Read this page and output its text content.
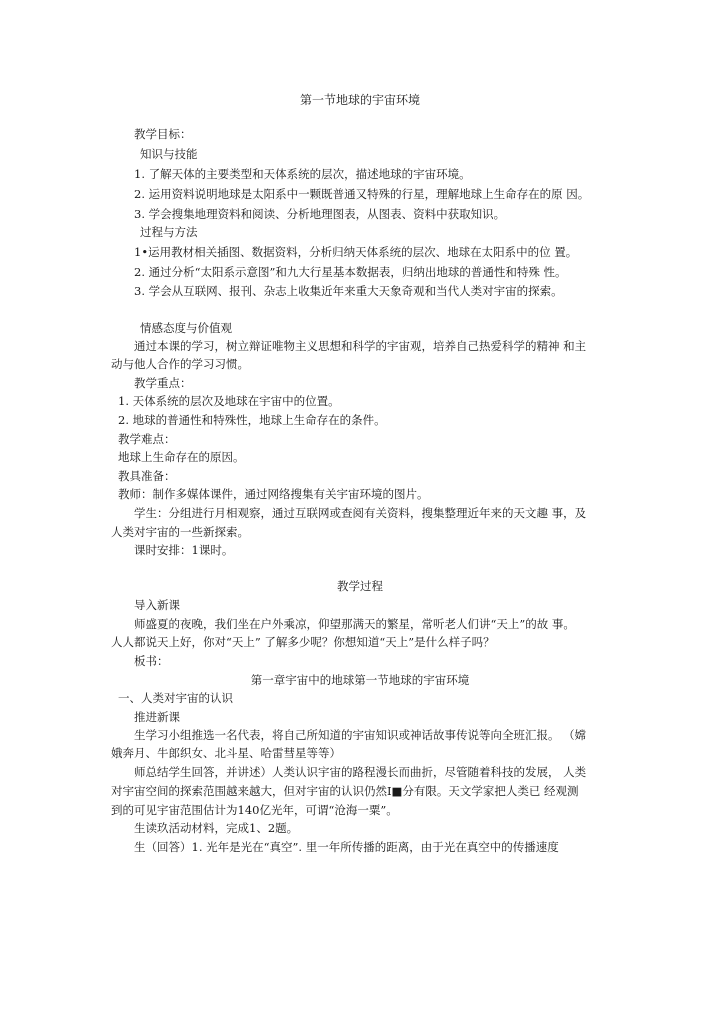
第一节地球的宇宙环境
教学目标：
知识与技能
1. 了解天体的主要类型和天体系统的层次，描述地球的宇宙环境。
2. 运用资料说明地球是太阳系中一颗既普通又特殊的行星，理解地球上生命存在的原 因。
3. 学会搜集地理资料和阅读、分析地理图表，从图表、资料中获取知识。
过程与方法
1•运用教材相关插图、数据资料，分析归纳天体系统的层次、地球在太阳系中的位 置。
2. 通过分析“太阳系示意图”和九大行星基本数据表，归纳出地球的普通性和特殊 性。
3. 学会从互联网、报刊、杂志上收集近年来重大天象奇观和当代人类对宇宙的探索。
情感态度与价值观
通过本课的学习，树立辩证唯物主义思想和科学的宇宙观，培养自己热爱科学的精神 和主
动与他人合作的学习习惯。
教学重点：
1. 天体系统的层次及地球在宇宙中的位置。
2. 地球的普通性和特殊性，地球上生命存在的条件。
教学难点：
地球上生命存在的原因。
教具准备：
教师：制作多媒体课件，通过网络搜集有关宇宙环境的图片。
学生：分组进行月相观察，通过互联网或查阅有关资料，搜集整理近年来的天文趣 事，及
人类对宇宙的一些新探索。
课时安排：1课时。
教学过程
导入新课
师盛夏的夜晚，我们坐在户外乘凉，仰望那满天的繁星，常听老人们讲“天上”的故 事。
人人都说天上好，你对“天上” 了解多少呢？你想知道“天上”是什么样子吗？
板书：
第一章宇宙中的地球第一节地球的宇宙环境
一、人类对宇宙的认识
推进新课
生学习小组推选一名代表，将自己所知道的宇宙知识或神话故事传说等向全班汇报。 （嫦
娥奔月、牛郎织女、北斗星、哈雷彗星等等）
师总结学生回答，并讲述）人类认识宇宙的路程漫长而曲折，尽管随着科技的发展， 人类
对宇宙空间的探索范围越来越大，但对宇宙的认识仍然I■分有限。天文学家把人类已 经观测
到的可见宇宙范围估计为140亿光年，可谓“沧海一粟”。
生读玖活动材料，完成1、2题。
生（回答）1. 光年是光在“真空”. 里一年所传播的距离，由于光在真空中的传播速度
